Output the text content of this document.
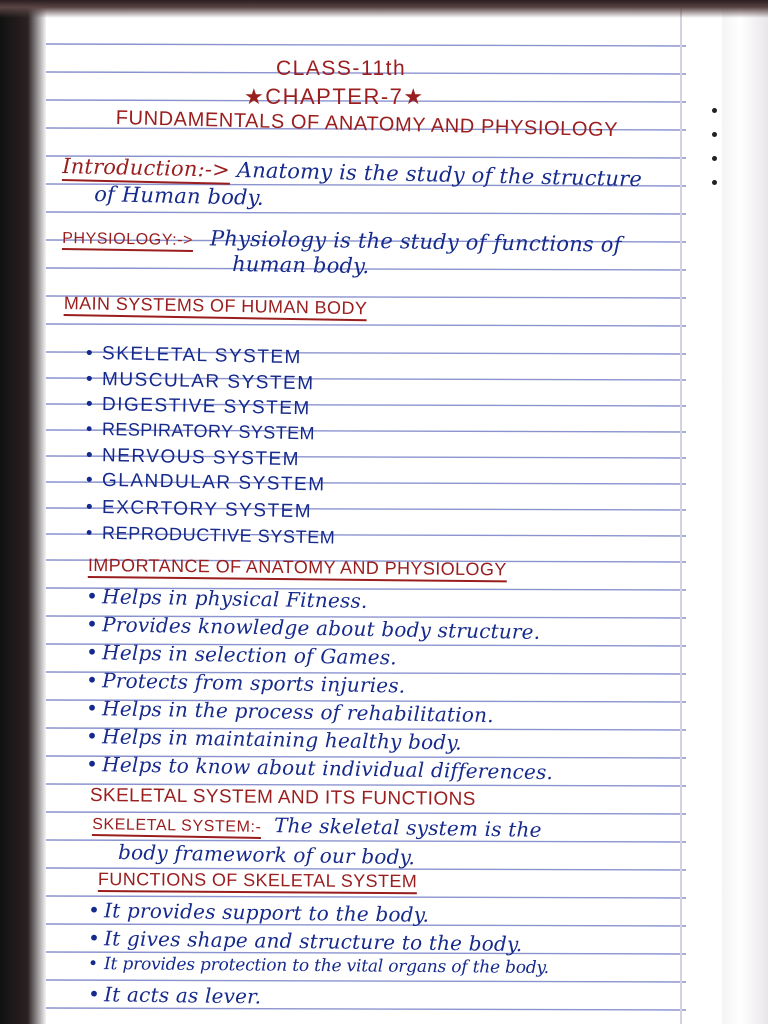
CLASS-11th
★CHAPTER-7★
FUNDAMENTALS OF ANATOMY AND PHYSIOLOGY
Introduction:-> Anatomy is the study of the structure
of Human body.
PHYSIOLOGY:-> Physiology is the study of functions of
human body.
MAIN SYSTEMS OF HUMAN BODY
• SKELETAL SYSTEM
• MUSCULAR SYSTEM
• DIGESTIVE SYSTEM
• RESPIRATORY SYSTEM
• NERVOUS SYSTEM
• GLANDULAR SYSTEM
• EXCRTORY SYSTEM
• REPRODUCTIVE SYSTEM
IMPORTANCE OF ANATOMY AND PHYSIOLOGY
• Helps in physical Fitness.
• Provides knowledge about body structure.
• Helps in selection of Games.
• Protects from sports injuries.
• Helps in the process of rehabilitation.
• Helps in maintaining healthy body.
• Helps to know about individual differences.
SKELETAL SYSTEM AND ITS FUNCTIONS
SKELETAL SYSTEM:- The skeletal system is the
body framework of our body.
FUNCTIONS OF SKELETAL SYSTEM
• It provides support to the body.
• It gives shape and structure to the body.
• It provides protection to the vital organs of the body.
• It acts as lever.
